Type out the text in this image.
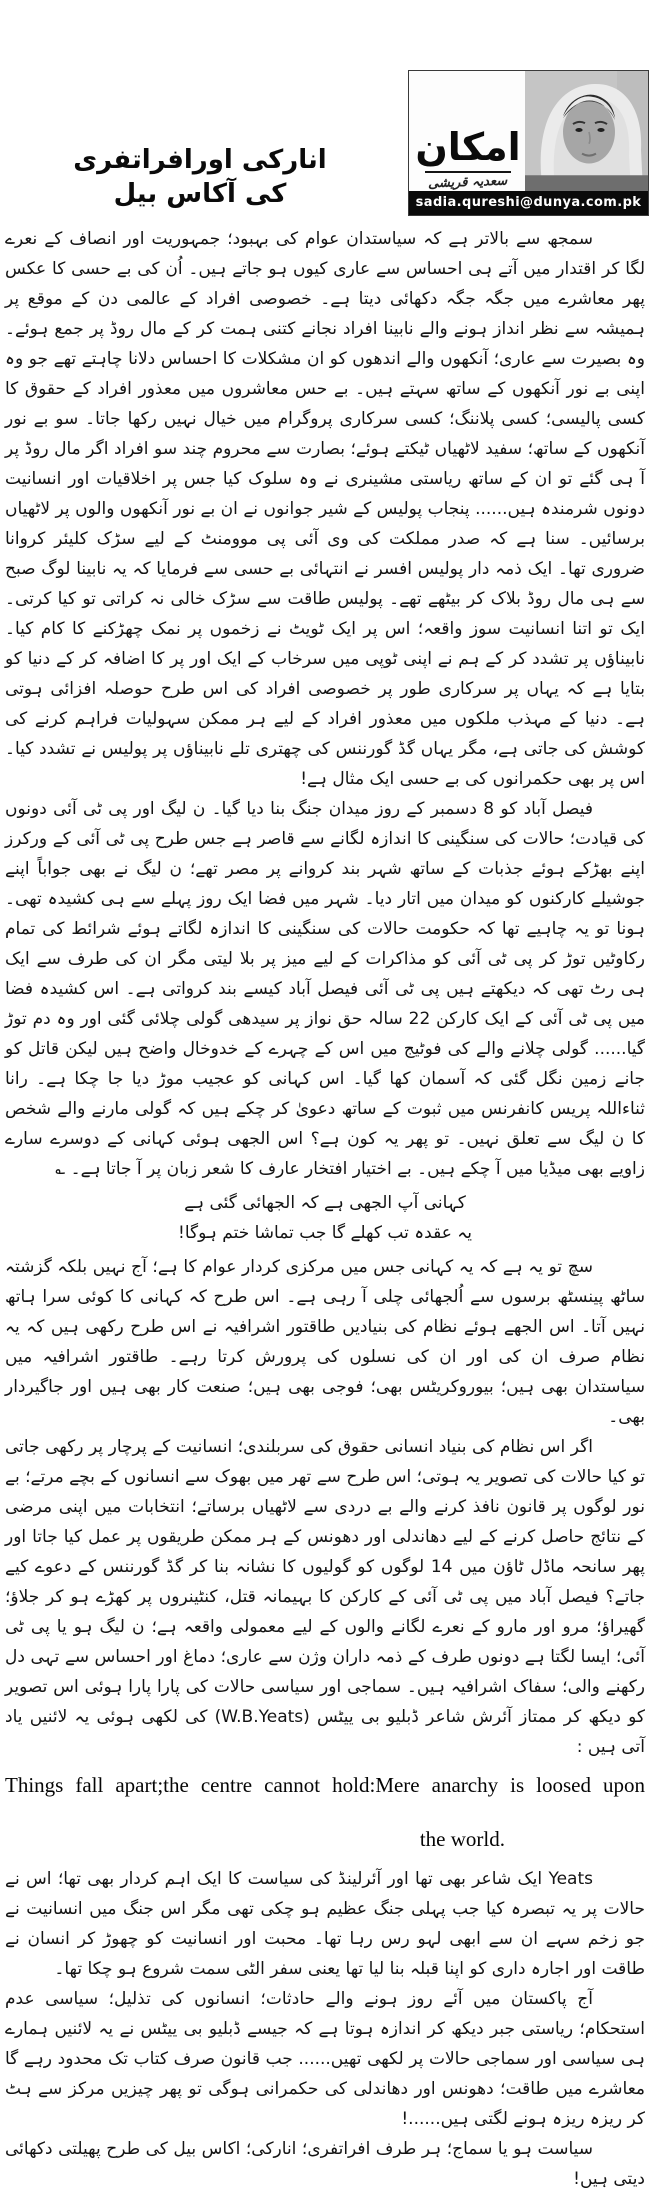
امکان
سعدیہ قریشی
sadia.qureshi@dunya.com.pk
انارکی اورافراتفری کی آکاس بیل

سمجھ سے بالاتر ہے کہ سیاستدان عوام کی بہبود؛ جمہوریت اور انصاف کے نعرے لگا کر اقتدار میں آتے ہی احساس سے عاری کیوں ہو جاتے ہیں۔ اُن کی بے حسی کا عکس پھر معاشرے میں جگہ جگہ دکھائی دیتا ہے۔ خصوصی افراد کے عالمی دن کے موقع پر ہمیشہ سے نظر انداز ہونے والے نابینا افراد نجانے کتنی ہمت کر کے مال روڈ پر جمع ہوئے۔ وہ بصیرت سے عاری؛ آنکھوں والے اندھوں کو ان مشکلات کا احساس دلانا چاہتے تھے جو وہ اپنی بے نور آنکھوں کے ساتھ سہتے ہیں۔ بے حس معاشروں میں معذور افراد کے حقوق کا کسی پالیسی؛ کسی پلاننگ؛ کسی سرکاری پروگرام میں خیال نہیں رکھا جاتا۔ سو بے نور آنکھوں کے ساتھ؛ سفید لاٹھیاں ٹیکتے ہوئے؛ بصارت سے محروم چند سو افراد اگر مال روڈ پر آ ہی گئے تو ان کے ساتھ ریاستی مشینری نے وہ سلوک کیا جس پر اخلاقیات اور انسانیت دونوں شرمندہ ہیں...... پنجاب پولیس کے شیر جوانوں نے ان بے نور آنکھوں والوں پر لاٹھیاں برسائیں۔ سنا ہے کہ صدر مملکت کی وی آئی پی موومنٹ کے لیے سڑک کلیئر کروانا ضروری تھا۔ ایک ذمہ دار پولیس افسر نے انتہائی بے حسی سے فرمایا کہ یہ نابینا لوگ صبح سے ہی مال روڈ بلاک کر بیٹھے تھے۔ پولیس طاقت سے سڑک خالی نہ کراتی تو کیا کرتی۔ ایک تو اتنا انسانیت سوز واقعہ؛ اس پر ایک ٹویٹ نے زخموں پر نمک چھڑکنے کا کام کیا۔ نابیناؤں پر تشدد کر کے ہم نے اپنی ٹوپی میں سرخاب کے ایک اور پر کا اضافہ کر کے دنیا کو بتایا ہے کہ یہاں پر سرکاری طور پر خصوصی افراد کی اس طرح حوصلہ افزائی ہوتی ہے۔ دنیا کے مہذب ملکوں میں معذور افراد کے لیے ہر ممکن سہولیات فراہم کرنے کی کوشش کی جاتی ہے، مگر یہاں گڈ گورننس کی چھتری تلے نابیناؤں پر پولیس نے تشدد کیا۔ اس پر بھی حکمرانوں کی بے حسی ایک مثال ہے!

فیصل آباد کو 8 دسمبر کے روز میدان جنگ بنا دیا گیا۔ ن لیگ اور پی ٹی آئی دونوں کی قیادت؛ حالات کی سنگینی کا اندازہ لگانے سے قاصر ہے جس طرح پی ٹی آئی کے ورکرز اپنے بھڑکے ہوئے جذبات کے ساتھ شہر بند کروانے پر مصر تھے؛ ن لیگ نے بھی جواباً اپنے جوشیلے کارکنوں کو میدان میں اتار دیا۔ شہر میں فضا ایک روز پہلے سے ہی کشیدہ تھی۔ ہونا تو یہ چاہیے تھا کہ حکومت حالات کی سنگینی کا اندازہ لگاتے ہوئے شرائط کی تمام رکاوٹیں توڑ کر پی ٹی آئی کو مذاکرات کے لیے میز پر بلا لیتی مگر ان کی طرف سے ایک ہی رٹ تھی کہ دیکھتے ہیں پی ٹی آئی فیصل آباد کیسے بند کرواتی ہے۔ اس کشیدہ فضا میں پی ٹی آئی کے ایک کارکن 22 سالہ حق نواز پر سیدھی گولی چلائی گئی اور وہ دم توڑ گیا...... گولی چلانے والے کی فوٹیج میں اس کے چہرے کے خدوخال واضح ہیں لیکن قاتل کو جانے زمین نگل گئی کہ آسمان کھا گیا۔ اس کہانی کو عجیب موڑ دیا جا چکا ہے۔ رانا ثناءاللہ پریس کانفرنس میں ثبوت کے ساتھ دعویٰ کر چکے ہیں کہ گولی مارنے والے شخص کا ن لیگ سے تعلق نہیں۔ تو پھر یہ کون ہے؟ اس الجھی ہوئی کہانی کے دوسرے سارے زاویے بھی میڈیا میں آ چکے ہیں۔ بے اختیار افتخار عارف کا شعر زبان پر آ جاتا ہے۔ ؎

کہانی آپ الجھی ہے کہ الجھائی گئی ہے
یہ عقدہ تب کھلے گا جب تماشا ختم ہوگا!

سچ تو یہ ہے کہ یہ کہانی جس میں مرکزی کردار عوام کا ہے؛ آج نہیں بلکہ گزشتہ ساٹھ پینسٹھ برسوں سے اُلجھائی چلی آ رہی ہے۔ اس طرح کہ کہانی کا کوئی سرا ہاتھ نہیں آتا۔ اس الجھے ہوئے نظام کی بنیادیں طاقتور اشرافیہ نے اس طرح رکھی ہیں کہ یہ نظام صرف ان کی اور ان کی نسلوں کی پرورش کرتا رہے۔ طاقتور اشرافیہ میں سیاستدان بھی ہیں؛ بیوروکریٹس بھی؛ فوجی بھی ہیں؛ صنعت کار بھی ہیں اور جاگیردار بھی۔

اگر اس نظام کی بنیاد انسانی حقوق کی سربلندی؛ انسانیت کے پرچار پر رکھی جاتی تو کیا حالات کی تصویر یہ ہوتی؛ اس طرح سے تھر میں بھوک سے انسانوں کے بچے مرتے؛ بے نور لوگوں پر قانون نافذ کرنے والے بے دردی سے لاٹھیاں برساتے؛ انتخابات میں اپنی مرضی کے نتائج حاصل کرنے کے لیے دھاندلی اور دھونس کے ہر ممکن طریقوں پر عمل کیا جاتا اور پھر سانحہ ماڈل ٹاؤن میں 14 لوگوں کو گولیوں کا نشانہ بنا کر گڈ گورننس کے دعوے کیے جاتے؟ فیصل آباد میں پی ٹی آئی کے کارکن کا بہیمانہ قتل، کنٹینروں پر کھڑے ہو کر جلاؤ؛ گھیراؤ؛ مرو اور مارو کے نعرے لگانے والوں کے لیے معمولی واقعہ ہے؛ ن لیگ ہو یا پی ٹی آئی؛ ایسا لگتا ہے دونوں طرف کے ذمہ داران وژن سے عاری؛ دماغ اور احساس سے تہی دل رکھنے والی؛ سفاک اشرافیہ ہیں۔ سماجی اور سیاسی حالات کی پارا پارا ہوئی اس تصویر کو دیکھ کر ممتاز آئرش شاعر ڈبلیو بی ییٹس (W.B.Yeats) کی لکھی ہوئی یہ لائنیں یاد آتی ہیں :

Things fall apart;the centre cannot hold:Mere anarchy is loosed upon
the world.

Yeats ایک شاعر بھی تھا اور آئرلینڈ کی سیاست کا ایک اہم کردار بھی تھا؛ اس نے حالات پر یہ تبصرہ کیا جب پہلی جنگ عظیم ہو چکی تھی مگر اس جنگ میں انسانیت نے جو زخم سہے ان سے ابھی لہو رس رہا تھا۔ محبت اور انسانیت کو چھوڑ کر انسان نے طاقت اور اجارہ داری کو اپنا قبلہ بنا لیا تھا یعنی سفر الٹی سمت شروع ہو چکا تھا۔

آج پاکستان میں آئے روز ہونے والے حادثات؛ انسانوں کی تذلیل؛ سیاسی عدم استحکام؛ ریاستی جبر دیکھ کر اندازہ ہوتا ہے کہ جیسے ڈبلیو بی ییٹس نے یہ لائنیں ہمارے ہی سیاسی اور سماجی حالات پر لکھی تھیں...... جب قانون صرف کتاب تک محدود رہے گا معاشرے میں طاقت؛ دھونس اور دھاندلی کی حکمرانی ہوگی تو پھر چیزیں مرکز سے ہٹ کر ریزہ ریزہ ہونے لگتی ہیں......!

سیاست ہو یا سماج؛ ہر طرف افراتفری؛ انارکی؛ اکاس بیل کی طرح پھیلتی دکھائی دیتی ہیں!
